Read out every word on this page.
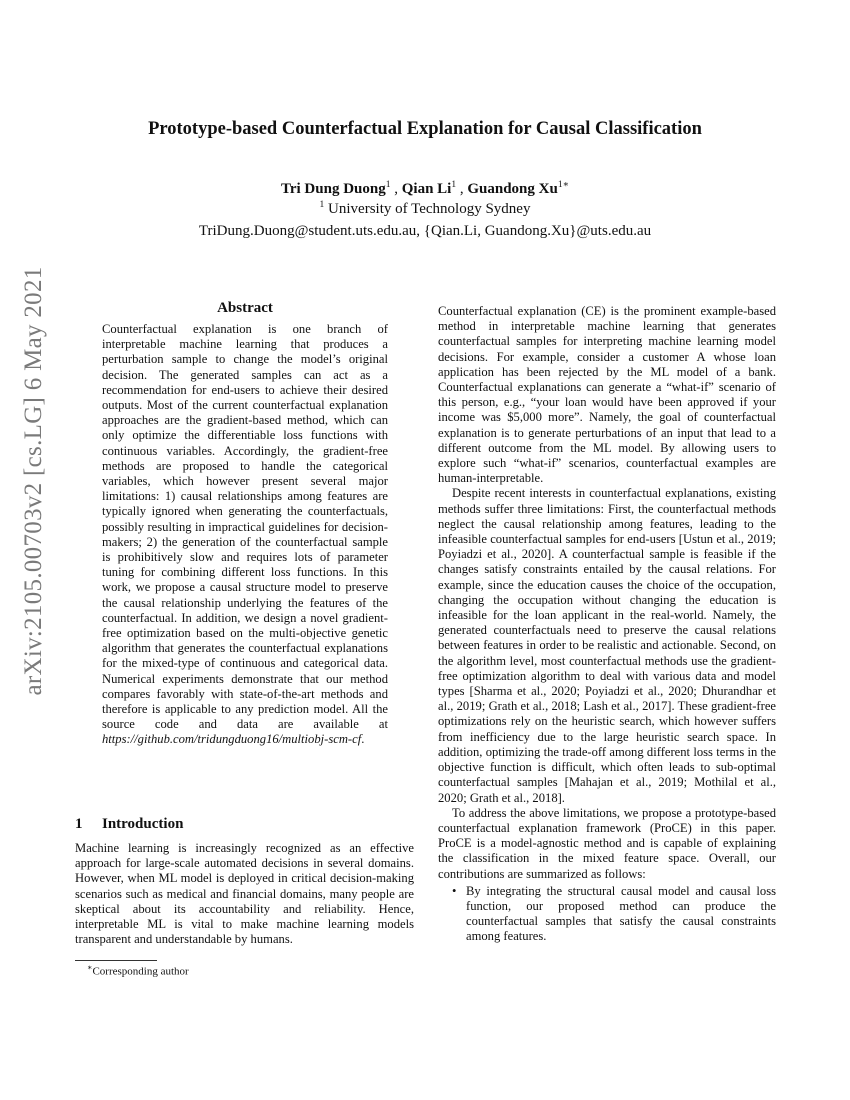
arXiv:2105.00703v2 [cs.LG] 6 May 2021
Prototype-based Counterfactual Explanation for Causal Classification
Tri Dung Duong$^1$ , Qian Li$^1$ , Guandong $Xu^{1∗}$
$^1$ University of Technology Sydney
TriDung.Duong@student.uts.edu.au, {Qian.Li, Guandong.Xu}@uts.edu.au
Abstract

Counterfactual explanation is one branch of interpretable machine learning that produces a perturbation sample to change the model’s original decision. The generated samples can act as a recommendation for end-users to achieve their desired outputs. Most of the current counterfactual explanation approaches are the gradient-based method, which can only optimize the differentiable loss functions with continuous variables. Accordingly, the gradient-free methods are proposed to handle the categorical variables, which however present several major limitations: 1) causal relationships among features are typically ignored when generating the counterfactuals, possibly resulting in impractical guidelines for decision-makers; 2) the generation of the counterfactual sample is prohibitively slow and requires lots of parameter tuning for combining different loss functions. In this work, we propose a causal structure model to preserve the causal relationship underlying the features of the counterfactual. In addition, we design a novel gradient-free optimization based on the multi-objective genetic algorithm that generates the counterfactual explanations for the mixed-type of continuous and categorical data. Numerical experiments demonstrate that our method compares favorably with state-of-the-art methods and therefore is applicable to any prediction model. All the source code and data are available at https://github.com/tridungduong16/multiobj-scm-cf.

1 Introduction

Machine learning is increasingly recognized as an effective approach for large-scale automated decisions in several domains. However, when ML model is deployed in critical decision-making scenarios such as medical and financial domains, many people are skeptical about its accountability and reliability. Hence, interpretable ML is vital to make machine learning models transparent and understandable by humans.

∗Corresponding author

Counterfactual explanation (CE) is the prominent example-based method in interpretable machine learning that generates counterfactual samples for interpreting machine learning model decisions. For example, consider a customer A whose loan application has been rejected by the ML model of a bank. Counterfactual explanations can generate a “what-if” scenario of this person, e.g., “your loan would have been approved if your income was $5,000 more”. Namely, the goal of counterfactual explanation is to generate perturbations of an input that lead to a different outcome from the ML model. By allowing users to explore such “what-if” scenarios, counterfactual examples are human-interpretable.

Despite recent interests in counterfactual explanations, existing methods suffer three limitations: First, the counterfactual methods neglect the causal relationship among features, leading to the infeasible counterfactual samples for end-users [Ustun et al., 2019; Poyiadzi et al., 2020]. A counterfactual sample is feasible if the changes satisfy constraints entailed by the causal relations. For example, since the education causes the choice of the occupation, changing the occupation without changing the education is infeasible for the loan applicant in the real-world. Namely, the generated counterfactuals need to preserve the causal relations between features in order to be realistic and actionable. Second, on the algorithm level, most counterfactual methods use the gradient-free optimization algorithm to deal with various data and model types [Sharma et al., 2020; Poyiadzi et al., 2020; Dhurandhar et al., 2019; Grath et al., 2018; Lash et al., 2017]. These gradient-free optimizations rely on the heuristic search, which however suffers from inefficiency due to the large heuristic search space. In addition, optimizing the trade-off among different loss terms in the objective function is difficult, which often leads to sub-optimal counterfactual samples [Mahajan et al., 2019; Mothilal et al., 2020; Grath et al., 2018].

To address the above limitations, we propose a prototype-based counterfactual explanation framework (ProCE) in this paper. ProCE is a model-agnostic method and is capable of explaining the classification in the mixed feature space. Overall, our contributions are summarized as follows:

• By integrating the structural causal model and causal loss function, our proposed method can produce the counterfactual samples that satisfy the causal constraints among features.
